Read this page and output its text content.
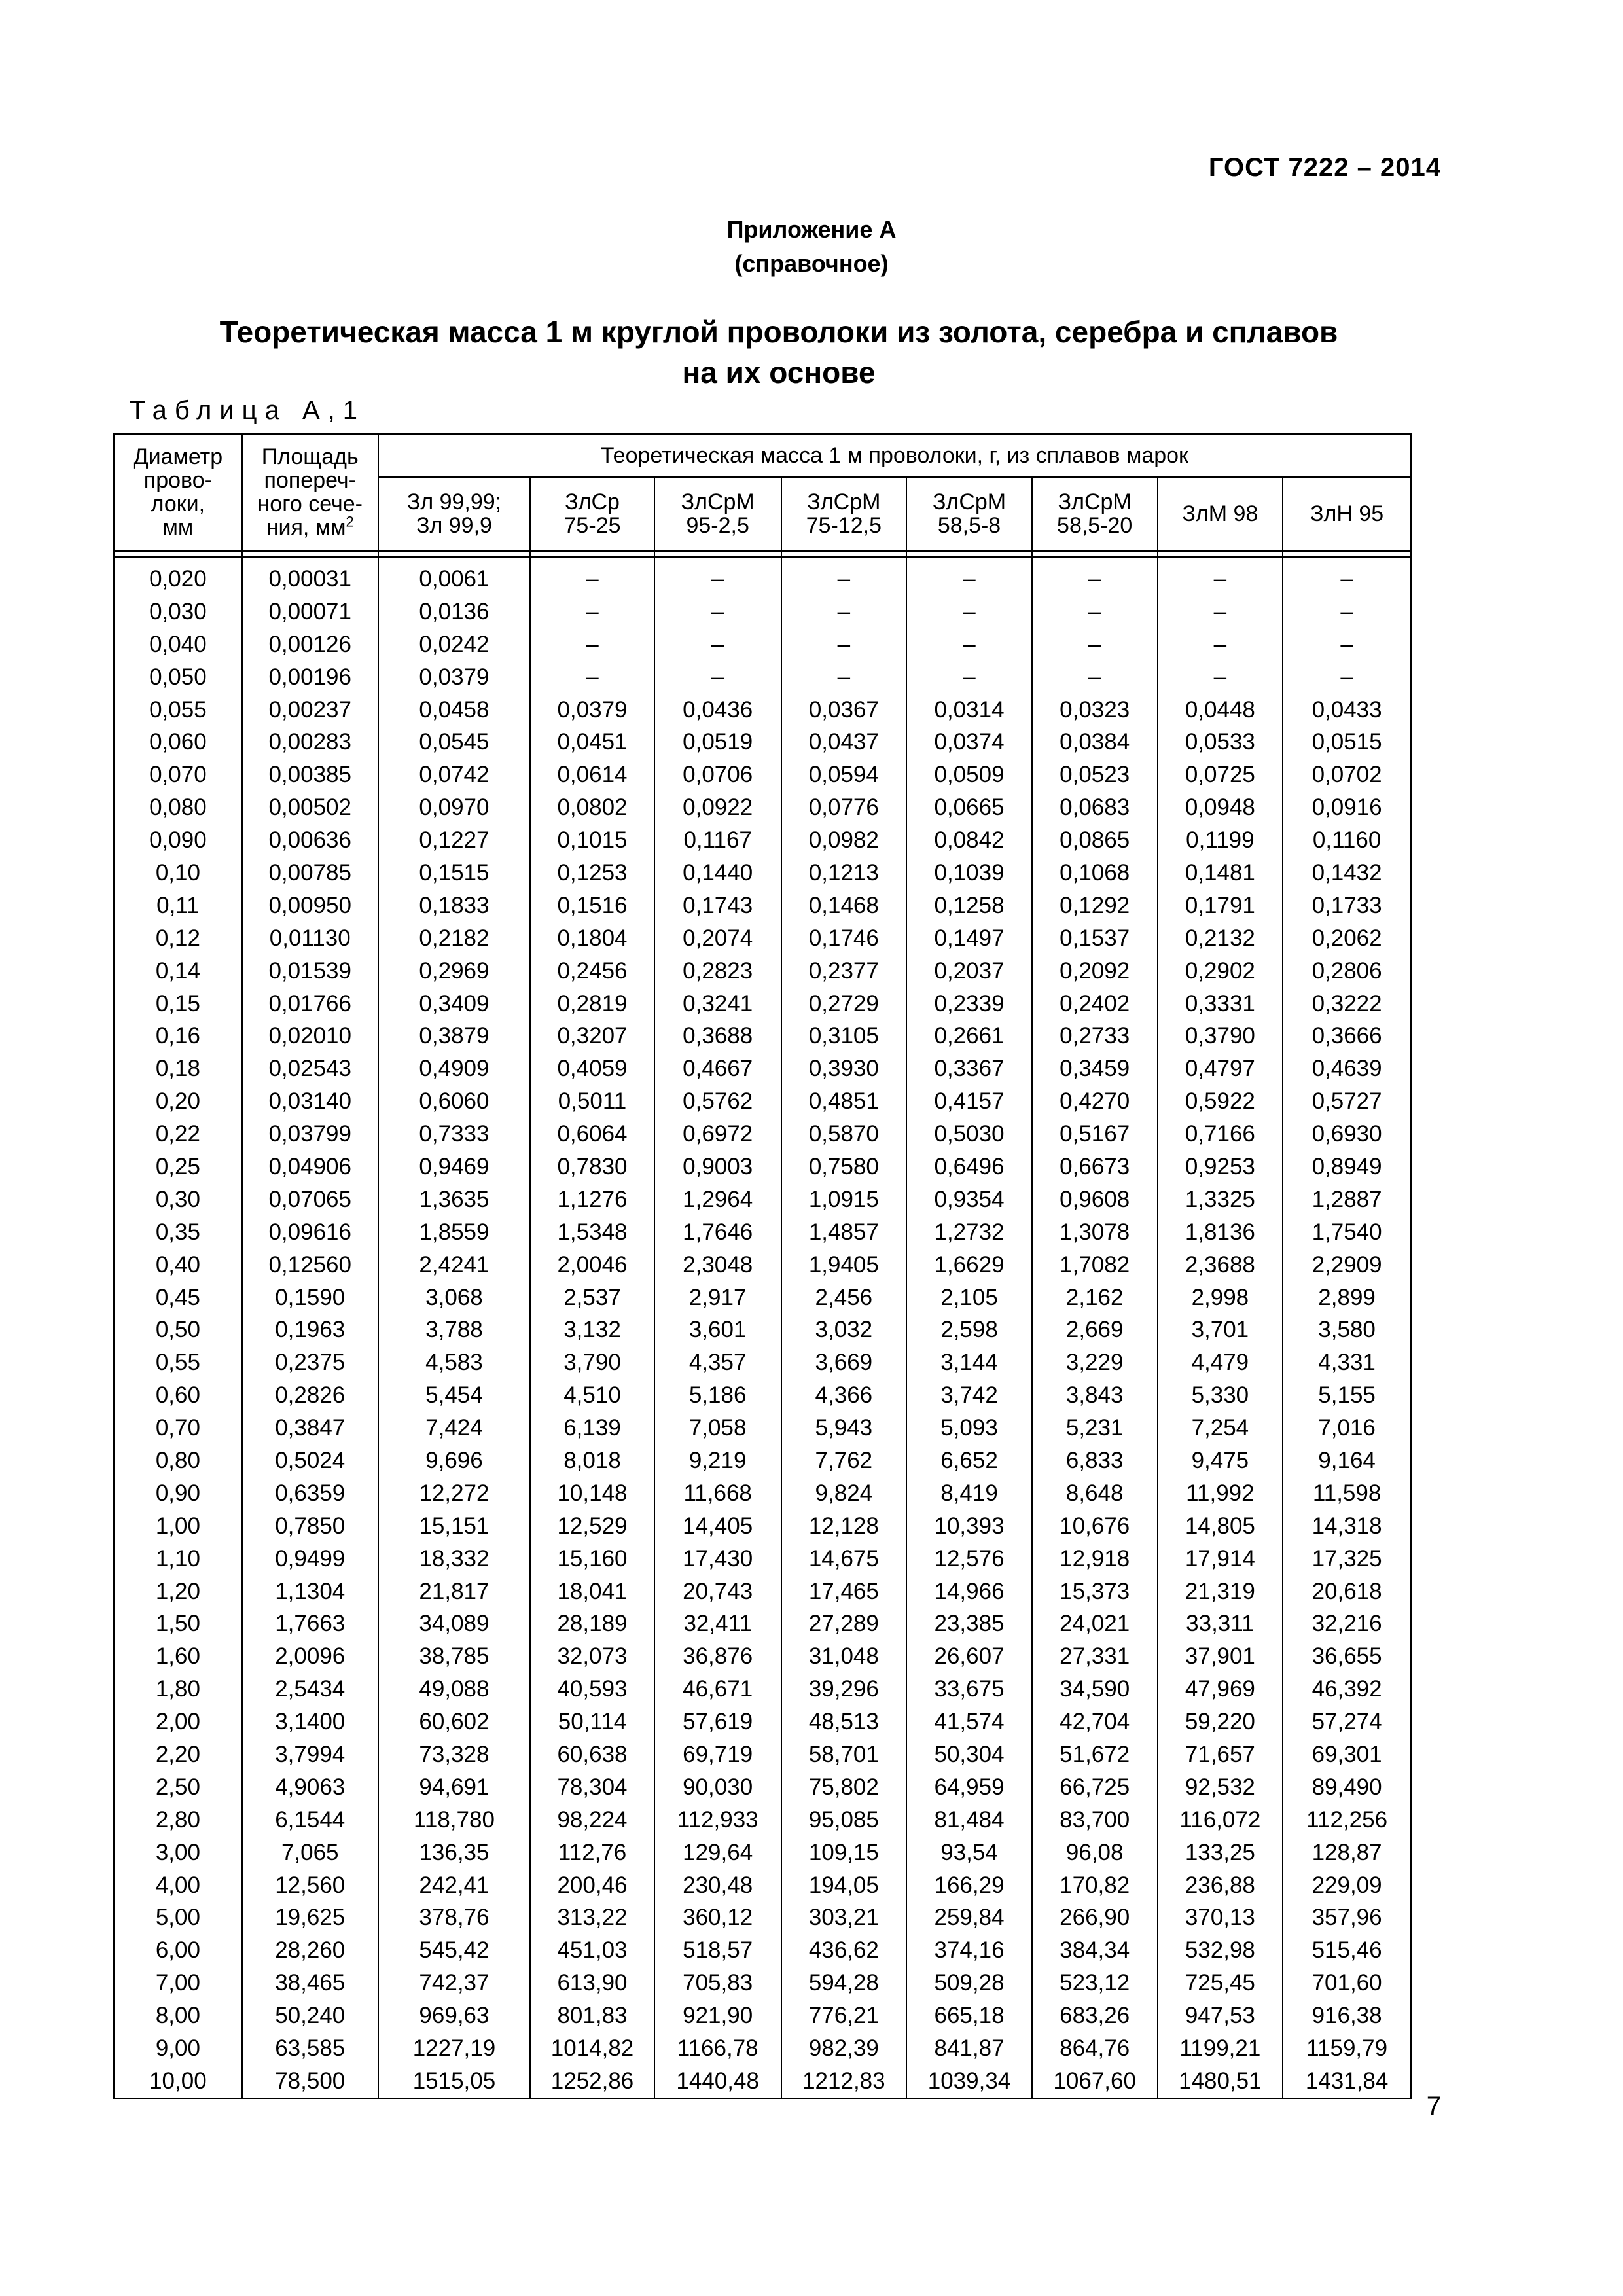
ГОСТ 7222 – 2014
Приложение А
(справочное)
Теоретическая масса 1 м круглой проволоки из золота, серебра и сплавов на их основе
Таблица А,1
Диаметр
прово-
локи,
мм	Площадь
попереч-
ного сече-
ния, $мм^2$	Теоретическая масса 1 м проволоки, г, из сплавов марок							
		Зл 99,99;
Зл 99,9	ЗлСр
75-25	ЗлСрМ
95-2,5	ЗлСрМ
75-12,5	ЗлСрМ
58,5-8	ЗлСрМ
58,5-20	ЗлМ 98	ЗлН 95

0,020	0,00031	0,0061	–	–	–	–	–	–	–
0,030	0,00071	0,0136	–	–	–	–	–	–	–
0,040	0,00126	0,0242	–	–	–	–	–	–	–
0,050	0,00196	0,0379	–	–	–	–	–	–	–
0,055	0,00237	0,0458	0,0379	0,0436	0,0367	0,0314	0,0323	0,0448	0,0433
0,060	0,00283	0,0545	0,0451	0,0519	0,0437	0,0374	0,0384	0,0533	0,0515
0,070	0,00385	0,0742	0,0614	0,0706	0,0594	0,0509	0,0523	0,0725	0,0702
0,080	0,00502	0,0970	0,0802	0,0922	0,0776	0,0665	0,0683	0,0948	0,0916
0,090	0,00636	0,1227	0,1015	0,1167	0,0982	0,0842	0,0865	0,1199	0,1160
0,10	0,00785	0,1515	0,1253	0,1440	0,1213	0,1039	0,1068	0,1481	0,1432
0,11	0,00950	0,1833	0,1516	0,1743	0,1468	0,1258	0,1292	0,1791	0,1733
0,12	0,01130	0,2182	0,1804	0,2074	0,1746	0,1497	0,1537	0,2132	0,2062
0,14	0,01539	0,2969	0,2456	0,2823	0,2377	0,2037	0,2092	0,2902	0,2806
0,15	0,01766	0,3409	0,2819	0,3241	0,2729	0,2339	0,2402	0,3331	0,3222
0,16	0,02010	0,3879	0,3207	0,3688	0,3105	0,2661	0,2733	0,3790	0,3666
0,18	0,02543	0,4909	0,4059	0,4667	0,3930	0,3367	0,3459	0,4797	0,4639
0,20	0,03140	0,6060	0,5011	0,5762	0,4851	0,4157	0,4270	0,5922	0,5727
0,22	0,03799	0,7333	0,6064	0,6972	0,5870	0,5030	0,5167	0,7166	0,6930
0,25	0,04906	0,9469	0,7830	0,9003	0,7580	0,6496	0,6673	0,9253	0,8949
0,30	0,07065	1,3635	1,1276	1,2964	1,0915	0,9354	0,9608	1,3325	1,2887
0,35	0,09616	1,8559	1,5348	1,7646	1,4857	1,2732	1,3078	1,8136	1,7540
0,40	0,12560	2,4241	2,0046	2,3048	1,9405	1,6629	1,7082	2,3688	2,2909
0,45	0,1590	3,068	2,537	2,917	2,456	2,105	2,162	2,998	2,899
0,50	0,1963	3,788	3,132	3,601	3,032	2,598	2,669	3,701	3,580
0,55	0,2375	4,583	3,790	4,357	3,669	3,144	3,229	4,479	4,331
0,60	0,2826	5,454	4,510	5,186	4,366	3,742	3,843	5,330	5,155
0,70	0,3847	7,424	6,139	7,058	5,943	5,093	5,231	7,254	7,016
0,80	0,5024	9,696	8,018	9,219	7,762	6,652	6,833	9,475	9,164
0,90	0,6359	12,272	10,148	11,668	9,824	8,419	8,648	11,992	11,598
1,00	0,7850	15,151	12,529	14,405	12,128	10,393	10,676	14,805	14,318
1,10	0,9499	18,332	15,160	17,430	14,675	12,576	12,918	17,914	17,325
1,20	1,1304	21,817	18,041	20,743	17,465	14,966	15,373	21,319	20,618
1,50	1,7663	34,089	28,189	32,411	27,289	23,385	24,021	33,311	32,216
1,60	2,0096	38,785	32,073	36,876	31,048	26,607	27,331	37,901	36,655
1,80	2,5434	49,088	40,593	46,671	39,296	33,675	34,590	47,969	46,392
2,00	3,1400	60,602	50,114	57,619	48,513	41,574	42,704	59,220	57,274
2,20	3,7994	73,328	60,638	69,719	58,701	50,304	51,672	71,657	69,301
2,50	4,9063	94,691	78,304	90,030	75,802	64,959	66,725	92,532	89,490
2,80	6,1544	118,780	98,224	112,933	95,085	81,484	83,700	116,072	112,256
3,00	7,065	136,35	112,76	129,64	109,15	93,54	96,08	133,25	128,87
4,00	12,560	242,41	200,46	230,48	194,05	166,29	170,82	236,88	229,09
5,00	19,625	378,76	313,22	360,12	303,21	259,84	266,90	370,13	357,96
6,00	28,260	545,42	451,03	518,57	436,62	374,16	384,34	532,98	515,46
7,00	38,465	742,37	613,90	705,83	594,28	509,28	523,12	725,45	701,60
8,00	50,240	969,63	801,83	921,90	776,21	665,18	683,26	947,53	916,38
9,00	63,585	1227,19	1014,82	1166,78	982,39	841,87	864,76	1199,21	1159,79
10,00	78,500	1515,05	1252,86	1440,48	1212,83	1039,34	1067,60	1480,51	1431,84
7
